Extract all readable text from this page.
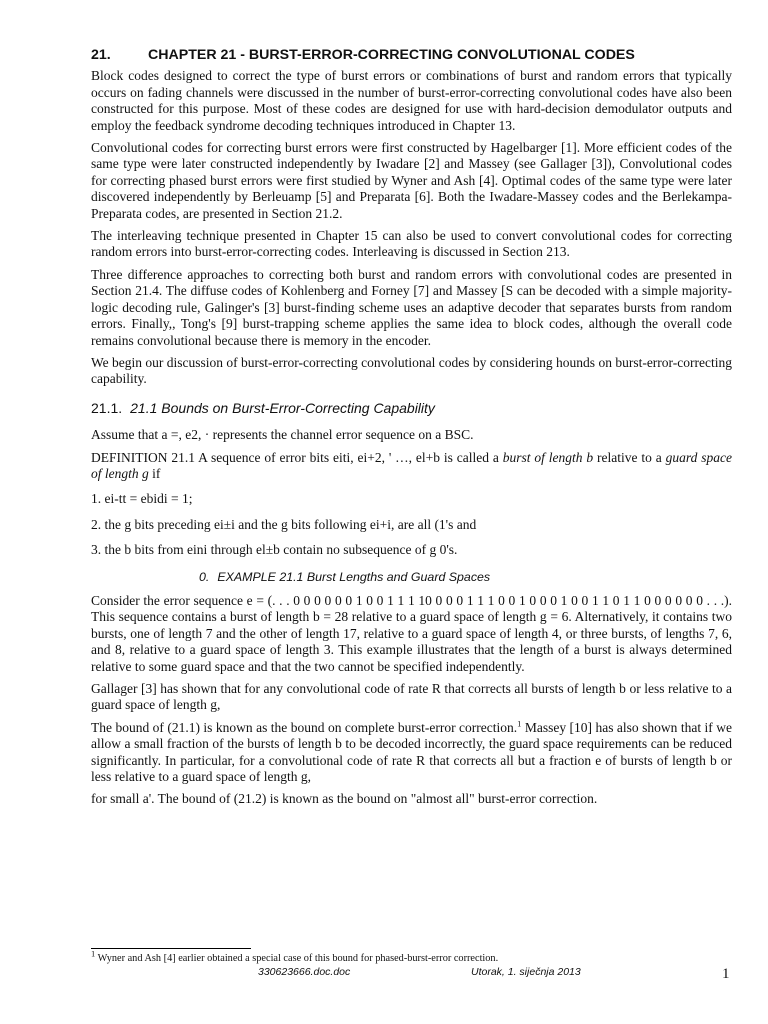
21.	CHAPTER 21 - BURST-ERROR-CORRECTING CONVOLUTIONAL CODES

Block codes designed to correct the type of burst errors or combinations of burst and random errors that typically occurs on fading channels were discussed in the number of burst-error-correcting convolutional codes have also been constructed for this purpose. Most of these codes are designed for use with hard-decision demodulator outputs and employ the feedback syndrome decoding techniques introduced in Chapter 13.

Convolutional codes for correcting burst errors were first constructed by Hagelbarger [1]. More efficient codes of the same type were later constructed independently by Iwadare [2] and Massey (see Gallager [3]), Convolutional codes for correcting phased burst errors were first studied by Wyner and Ash [4]. Optimal codes of the same type were later discovered independently by Berleuamp [5] and Preparata [6]. Both the Iwadare-Massey codes and the Berlekampa-Preparata codes, are presented in Section 21.2.

The interleaving technique presented in Chapter 15 can also be used to convert convolutional codes for correcting random errors into burst-error-correcting codes. Interleaving is discussed in Section 213.

Three difference approaches to correcting both burst and random errors with convolutional codes are presented in Section 21.4. The diffuse codes of Kohlenberg and Forney [7] and Massey [S can be decoded with a simple majority-logic decoding rule, Galinger's [3] burst-finding scheme uses an adaptive decoder that separates bursts from random errors. Finally,, Tong's [9] burst-trapping scheme applies the same idea to block codes, although the overall code remains convolutional because there is memory in the encoder.

We begin our discussion of burst-error-correcting convolutional codes by considering hounds on burst-error-correcting capability.

21.1. 21.1 Bounds on Burst-Error-Correcting Capability

Assume that a =, e2, · represents the channel error sequence on a BSC.

DEFINITION 21.1 A sequence of error bits eiti, ei+2, ' …, el+b is called a burst of length b relative to a guard space of length g if

1. ei-tt = ebidi = 1;
2. the g bits preceding ei±i and the g bits following ei+i, are all (1's and
3. the b bits from eini through el±b contain no subsequence of g 0's.
0. EXAMPLE 21.1 Burst Lengths and Guard Spaces

Consider the error sequence e = (. . . 0 0 0 0 0 0 1 0 0 1 1 1 10 0 0 0 1 1 1 0 0 1 0 0 0 1 0 0 1 1 0 1 1 0 0 0 0 0 0 . . .). This sequence contains a burst of length b = 28 relative to a guard space of length g = 6. Alternatively, it contains two bursts, one of length 7 and the other of length 17, relative to a guard space of length 4, or three bursts, of lengths 7, 6, and 8, relative to a guard space of length 3. This example illustrates that the length of a burst is always determined relative to some guard space and that the two cannot be specified independently.

Gallager [3] has shown that for any convolutional code of rate R that corrects all bursts of length b or less relative to a guard space of length g,

The bound of (21.1) is known as the bound on complete burst-error correction.$^1$ Massey [10] has also shown that if we allow a small fraction of the bursts of length b to be decoded incorrectly, the guard space requirements can be reduced significantly. In particular, for a convolutional code of rate R that corrects all but a fraction e of bursts of length b or less relative to a guard space of length g,

for small a'. The bound of (21.2) is known as the bound on "almost all" burst-error correction.

$^1$ Wyner and Ash [4] earlier obtained a special case of this bound for phased-burst-error correction.
330623666.doc.doc	Utorak, 1. siječnja 2013	1
